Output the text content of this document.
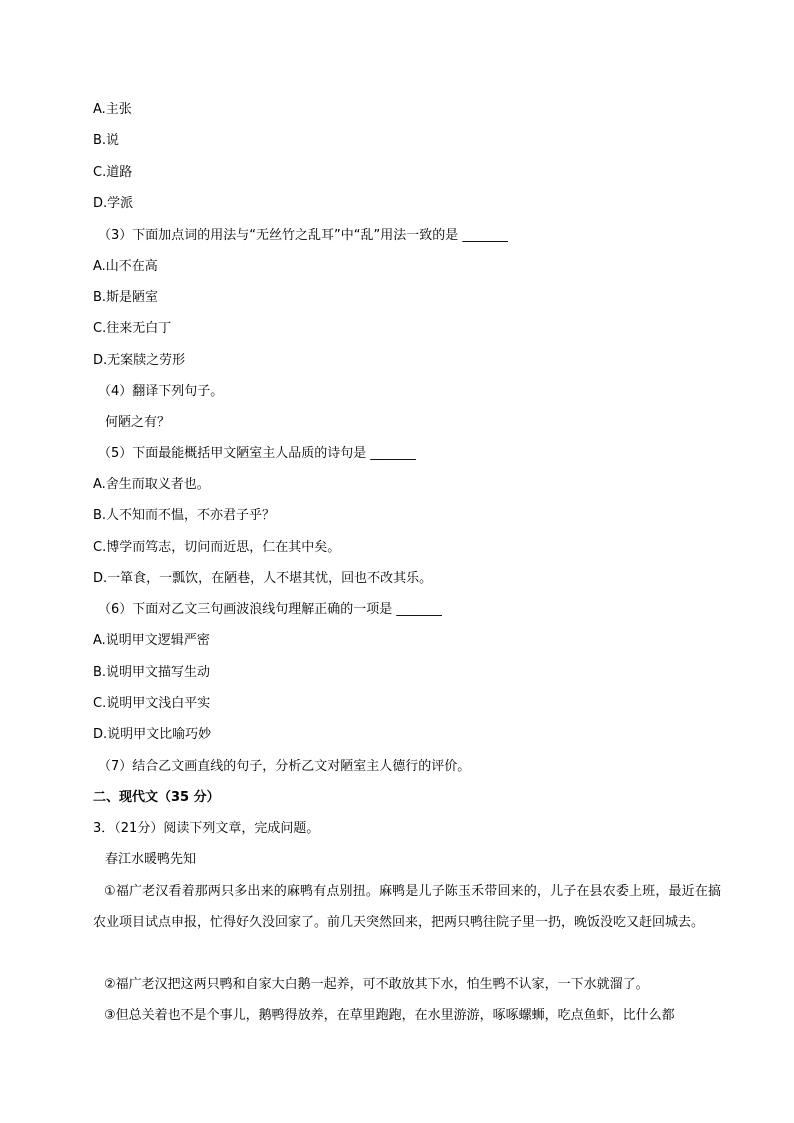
A.主张
B.说
C.道路
D.学派
（3）下面加点词的用法与“无丝竹之乱耳”中“乱”用法一致的是 _______
A.山不在高
B.斯是陋室
C.往来无白丁
D.无案牍之劳形
（4）翻译下列句子。
何陋之有？
（5）下面最能概括甲文陋室主人品质的诗句是 _______
B.人不知而不愠，不亦君子乎？
A.舍生而取义者也。
C.博学而笃志，切问而近思，仁在其中矣。
D.一箪食，一瓢饮，在陋巷，人不堪其忧，回也不改其乐。
（6）下面对乙文三句画波浪线句理解正确的一项是 _______
A.说明甲文逻辑严密
B.说明甲文描写生动
C.说明甲文浅白平实
D.说明甲文比喻巧妙
（7）结合乙文画直线的句子，分析乙文对陋室主人德行的评价。
二、现代文（35 分）
3．（21分）阅读下列文章，完成问题。
春江水暖鸭先知
①福广老汉看着那两只多出来的麻鸭有点别扭。麻鸭是儿子陈玉禾带回来的，儿子在县农委上班，最近在搞农业项目试点申报，忙得好久没回家了。前几天突然回来，把两只鸭往院子里一扔，晚饭没吃又赶回城去。
②福广老汉把这两只鸭和自家大白鹅一起养，可不敢放其下水，怕生鸭不认家，一下水就溜了。
③但总关着也不是个事儿，鹅鸭得放养，在草里跑跑，在水里游游，啄啄螺蛳，吃点鱼虾，比什么都
